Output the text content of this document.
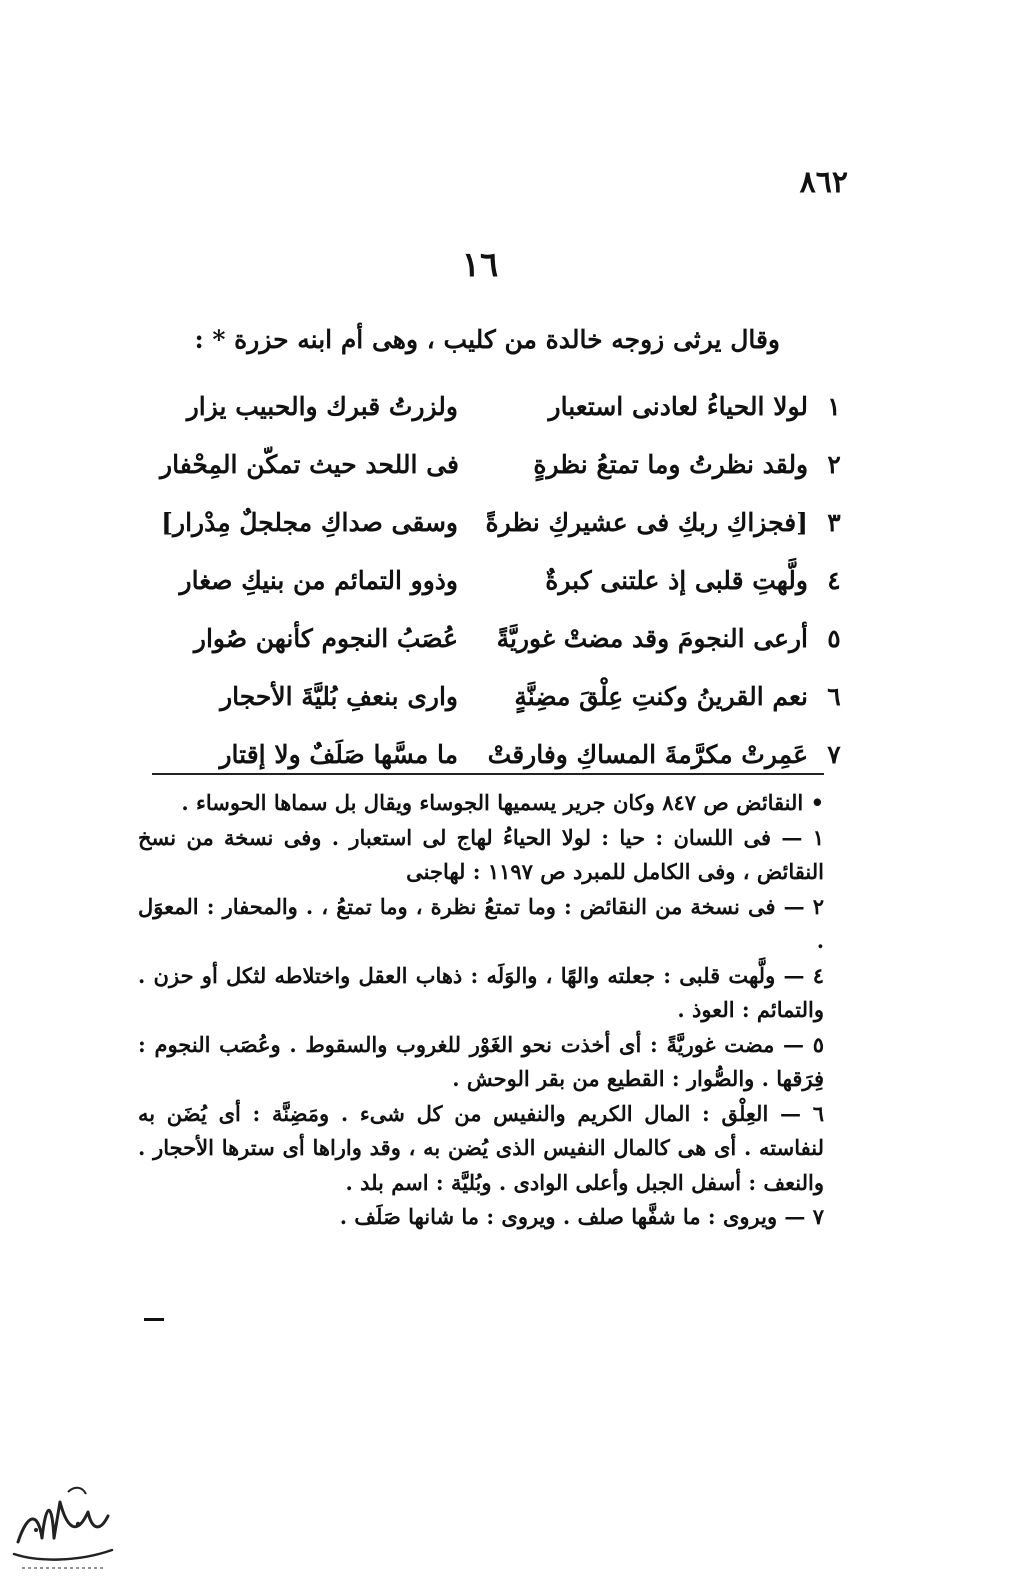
٨٦٢
١٦
وقال يرثى زوجه خالدة من كليب ، وهى أم ابنه حزرة * :
١
لولا الحياءُ لعادنى استعبار
ولزرتُ قبرك والحبيب يزار
٢
ولقد نظرتُ وما تمتعُ نظرةٍ
فى اللحد حيث تمكّن المِحْفار
٣
[فجزاكِ ربكِ فى عشيركِ نظرةً
وسقى صداكِ مجلجلٌ مِدْرار]
٤
ولَّهتِ قلبى إذ علتنى كبرةٌ
وذوو التمائم من بنيكِ صغار
٥
أرعى النجومَ وقد مضتْ غوريَّةً
عُصَبُ النجوم كأنهن صُوار
٦
نعم القرينُ وكنتِ عِلْقَ مضِنَّةٍ
وارى بنعفِ بُليَّةَ الأحجار
٧
عَمِرتْ مكرَّمةَ المساكِ وفارقتْ
ما مسَّها صَلَفٌ ولا إقتار

• النقائض ص ٨٤٧ وكان جرير يسميها الجوساء ويقال بل سماها الحوساء .

١ — فى اللسان : حيا : لولا الحياءُ لهاج لى استعبار . وفى نسخة من نسخ النقائض ، وفى الكامل للمبرد ص ١١٩٧ : لهاجنى

٢ — فى نسخة من النقائض : وما تمتعُ نظرة ، وما تمتعُ ، . والمحفار : المعوَل .

٤ — ولَّهت قلبى : جعلته والهًا ، والوَلَه : ذهاب العقل واختلاطه لثكل أو حزن . والتمائم : العوذ .

٥ — مضت غوريَّةً : أى أخذت نحو الغَوْر للغروب والسقوط . وعُصَب النجوم : فِرَقها . والصُّوار : القطيع من بقر الوحش .

٦ — العِلْق : المال الكريم والنفيس من كل شىء . ومَضِنَّة : أى يُضَن به لنفاسته . أى هى كالمال النفيس الذى يُضن به ، وقد واراها أى سترها الأحجار . والنعف : أسفل الجبل وأعلى الوادى . وبُليَّة : اسم بلد .

٧ — ويروى : ما شفَّها صلف . ويروى : ما شانها صَلَف .
